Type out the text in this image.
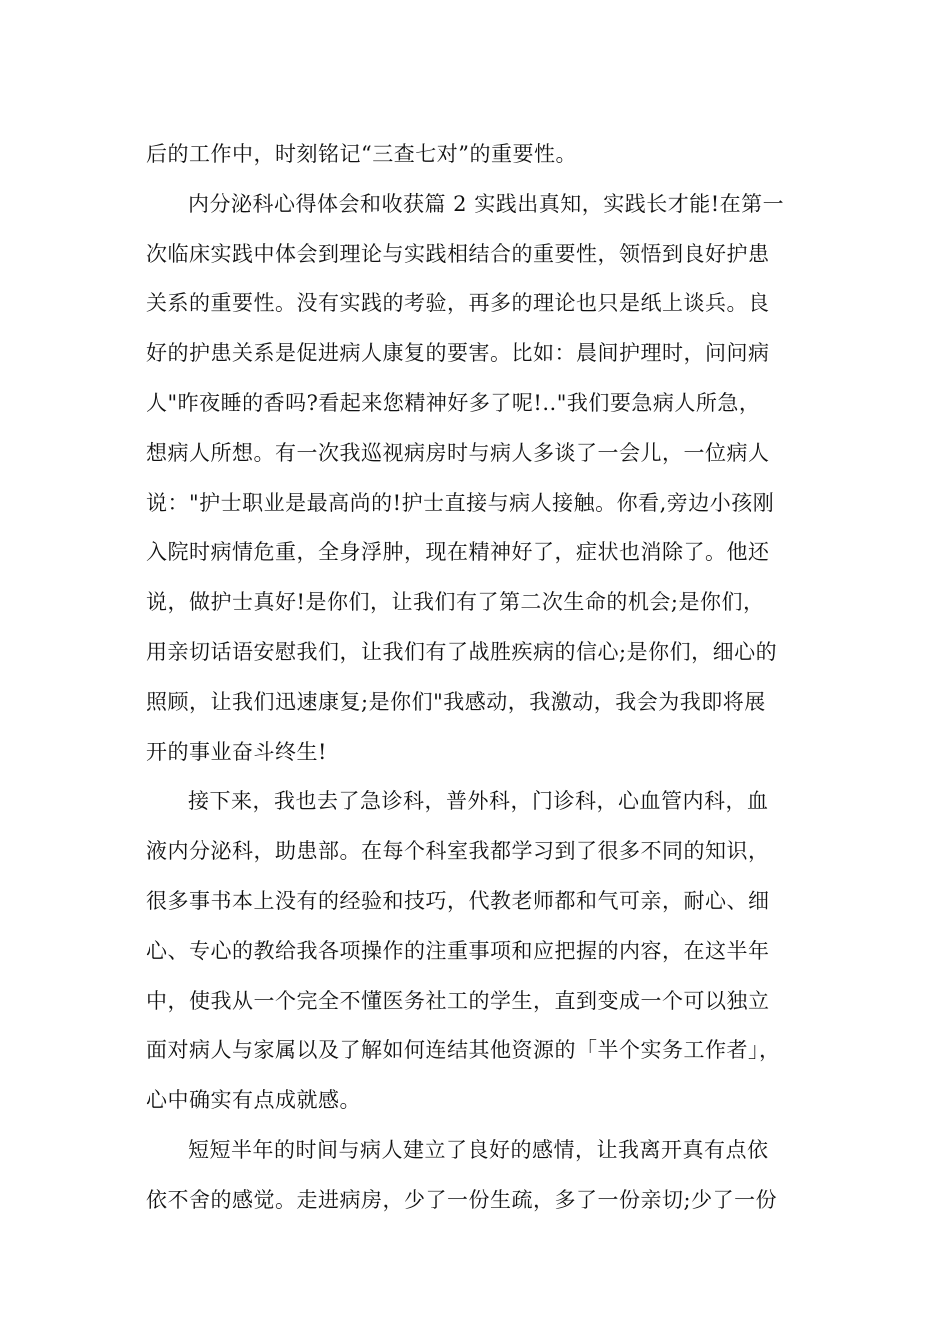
后的工作中，时刻铭记“三查七对”的重要性。
内分泌科心得体会和收获篇 2 实践出真知，实践长才能!在第一
次临床实践中体会到理论与实践相结合的重要性，领悟到良好护患
关系的重要性。没有实践的考验，再多的理论也只是纸上谈兵。良
好的护患关系是促进病人康复的要害。比如：晨间护理时，问问病
人"昨夜睡的香吗?看起来您精神好多了呢!.."我们要急病人所急，
想病人所想。有一次我巡视病房时与病人多谈了一会儿，一位病人
说："护士职业是最高尚的!护士直接与病人接触。你看,旁边小孩刚
入院时病情危重，全身浮肿，现在精神好了，症状也消除了。他还
说，做护士真好!是你们，让我们有了第二次生命的机会;是你们，
用亲切话语安慰我们，让我们有了战胜疾病的信心;是你们，细心的
照顾，让我们迅速康复;是你们"我感动，我激动，我会为我即将展
开的事业奋斗终生!
接下来，我也去了急诊科，普外科，门诊科，心血管内科，血
液内分泌科，助患部。在每个科室我都学习到了很多不同的知识，
很多事书本上没有的经验和技巧，代教老师都和气可亲，耐心、细
心、专心的教给我各项操作的注重事项和应把握的内容，在这半年
中，使我从一个完全不懂医务社工的学生，直到变成一个可以独立
面对病人与家属以及了解如何连结其他资源的「半个实务工作者」，
心中确实有点成就感。
短短半年的时间与病人建立了良好的感情，让我离开真有点依
依不舍的感觉。走进病房，少了一份生疏，多了一份亲切;少了一份
